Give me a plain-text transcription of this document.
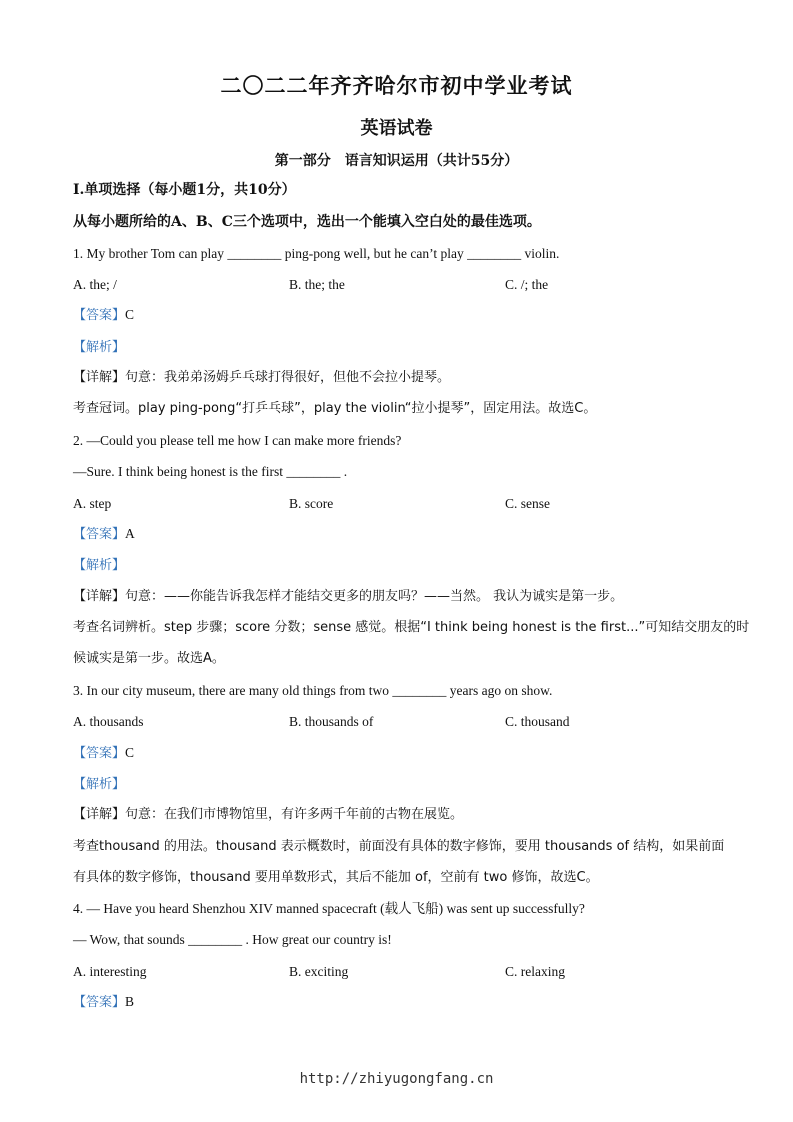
二〇二二年齐齐哈尔市初中学业考试
英语试卷
第一部分　语言知识运用（共计55分）
Ⅰ.单项选择（每小题1分，共10分）
从每小题所给的A、B、C三个选项中，选出一个能填入空白处的最佳选项。
1. My brother Tom can play ________ ping-pong well, but he can’t play ________ violin.
A. the; /	B. the; the	C. /; the
【答案】C
【解析】
【详解】句意：我弟弟汤姆乒乓球打得很好，但他不会拉小提琴。
考查冠词。play ping-pong“打乒乓球”，play the violin“拉小提琴”，固定用法。故选C。
2. —Could you please tell me how I can make more friends?
—Sure. I think being honest is the first ________ .
A. step	B. score	C. sense
【答案】A
【解析】
【详解】句意：——你能告诉我怎样才能结交更多的朋友吗？——当然。 我认为诚实是第一步。
考查名词辨析。step 步骤；score 分数；sense 感觉。根据“I think being honest is the first...”可知结交朋友的时
候诚实是第一步。故选A。
3. In our city museum, there are many old things from two ________ years ago on show.
A. thousands	B. thousands of	C. thousand
【答案】C
【解析】
【详解】句意：在我们市博物馆里，有许多两千年前的古物在展览。
考查thousand 的用法。thousand 表示概数时，前面没有具体的数字修饰，要用 thousands of 结构，如果前面
有具体的数字修饰，thousand 要用单数形式，其后不能加 of，空前有 two 修饰，故选C。
4. — Have you heard Shenzhou XIV manned spacecraft (载人飞船) was sent up successfully?
— Wow, that sounds ________ . How great our country is!
A. interesting	B. exciting	C. relaxing
【答案】B
http://zhiyugongfang.cn
